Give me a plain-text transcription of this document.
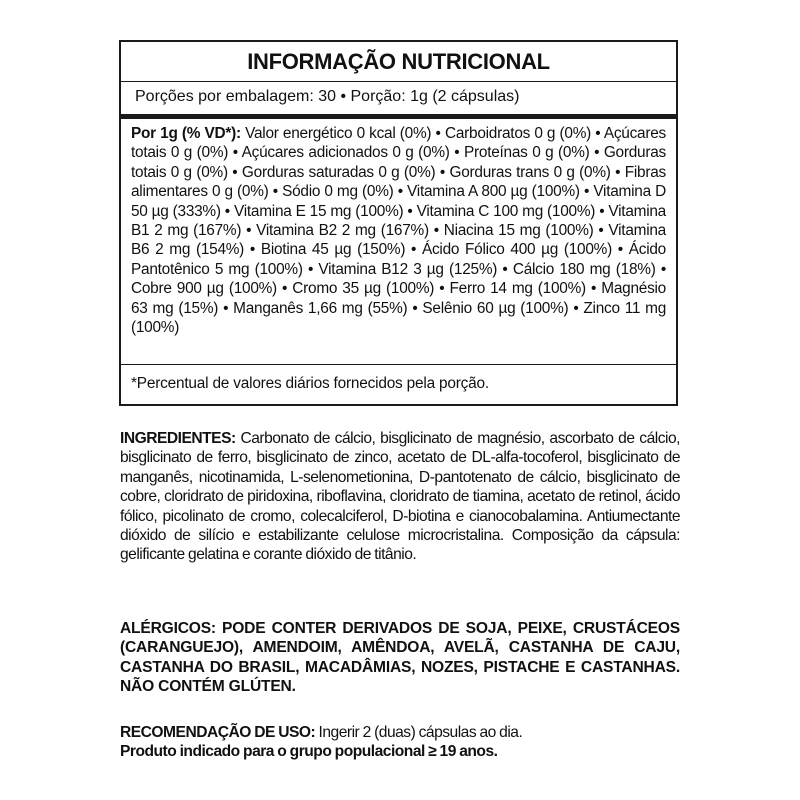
INFORMAÇÃO NUTRICIONAL
Porções por embalagem: 30 • Porção: 1g (2 cápsulas)
Por 1g (% VD*): Valor energético 0 kcal (0%) • Carboidratos 0 g (0%) • Açúcares totais 0 g (0%) • Açúcares adicionados 0 g (0%) • Proteínas 0 g (0%) • Gorduras totais 0 g (0%) • Gorduras saturadas 0 g (0%) • Gorduras trans 0 g (0%) • Fibras alimentares 0 g (0%) • Sódio 0 mg (0%) • Vitamina A 800 µg (100%) • Vitamina D 50 µg (333%) • Vitamina E 15 mg (100%) • Vitamina C 100 mg (100%) • Vitamina B1 2 mg (167%) • Vitamina B2 2 mg (167%) • Niacina 15 mg (100%) • Vitamina B6 2 mg (154%) • Biotina 45 µg (150%) • Ácido Fólico 400 µg (100%) • Ácido Pantotênico 5 mg (100%) • Vitamina B12 3 µg (125%) • Cálcio 180 mg (18%) • Cobre 900 µg (100%) • Cromo 35 µg (100%) • Ferro 14 mg (100%) • Magnésio 63 mg (15%) • Manganês 1,66 mg (55%) • Selênio 60 µg (100%) • Zinco 11 mg (100%)
*Percentual de valores diários fornecidos pela porção.
INGREDIENTES: Carbonato de cálcio, bisglicinato de magnésio, ascorbato de cálcio, bisglicinato de ferro, bisglicinato de zinco, acetato de DL-alfa-tocoferol, bisglicinato de manganês, nicotinamida, L-selenometionina, D-pantotenato de cálcio, bisglicinato de cobre, cloridrato de piridoxina, riboflavina, cloridrato de tiamina, acetato de retinol, ácido fólico, picolinato de cromo, colecalciferol, D-biotina e cianocobalamina. Antiumectante dióxido de silício e estabilizante celulose microcristalina. Composição da cápsula: gelificante gelatina e corante dióxido de titânio.
ALÉRGICOS: PODE CONTER DERIVADOS DE SOJA, PEIXE, CRUSTÁCEOS (CARANGUEJO), AMENDOIM, AMÊNDOA, AVELÃ, CASTANHA DE CAJU, CASTANHA DO BRASIL, MACADÂMIAS, NOZES, PISTACHE E CASTANHAS. NÃO CONTÉM GLÚTEN.
RECOMENDAÇÃO DE USO: Ingerir 2 (duas) cápsulas ao dia.
Produto indicado para o grupo populacional ≥ 19 anos.
